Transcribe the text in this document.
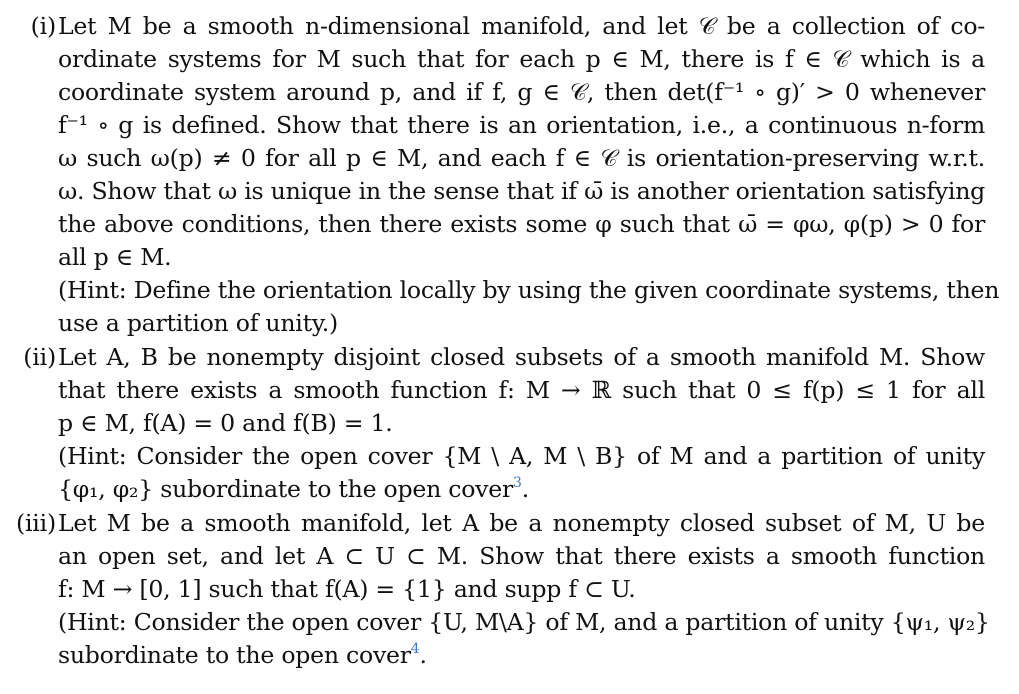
(i) Let M be a smooth n-dimensional manifold, and let 𝒞 be a collection of co-
ordinate systems for M such that for each p ∈ M, there is f ∈ 𝒞 which is a
coordinate system around p, and if f, g ∈ 𝒞, then det(f⁻¹ ∘ g)′ > 0 whenever
f⁻¹ ∘ g is defined. Show that there is an orientation, i.e., a continuous n-form
ω such ω(p) ≠ 0 for all p ∈ M, and each f ∈ 𝒞 is orientation-preserving w.r.t.
ω. Show that ω is unique in the sense that if ω̄ is another orientation satisfying
the above conditions, then there exists some φ such that ω̄ = φω, φ(p) > 0 for
all p ∈ M.
(Hint: Define the orientation locally by using the given coordinate systems, then
use a partition of unity.)
(ii) Let A, B be nonempty disjoint closed subsets of a smooth manifold M. Show
that there exists a smooth function f: M → ℝ such that 0 ≤ f(p) ≤ 1 for all
p ∈ M, f(A) = 0 and f(B) = 1.
(Hint: Consider the open cover {M \ A, M \ B} of M and a partition of unity
{φ₁, φ₂} subordinate to the open cover$^3$.
(iii) Let M be a smooth manifold, let A be a nonempty closed subset of M, U be
an open set, and let A ⊂ U ⊂ M. Show that there exists a smooth function
f: M → [0, 1] such that f(A) = {1} and supp f ⊂ U.
(Hint: Consider the open cover {U, M\A} of M, and a partition of unity {ψ₁, ψ₂}
subordinate to the open cover$^4$.
